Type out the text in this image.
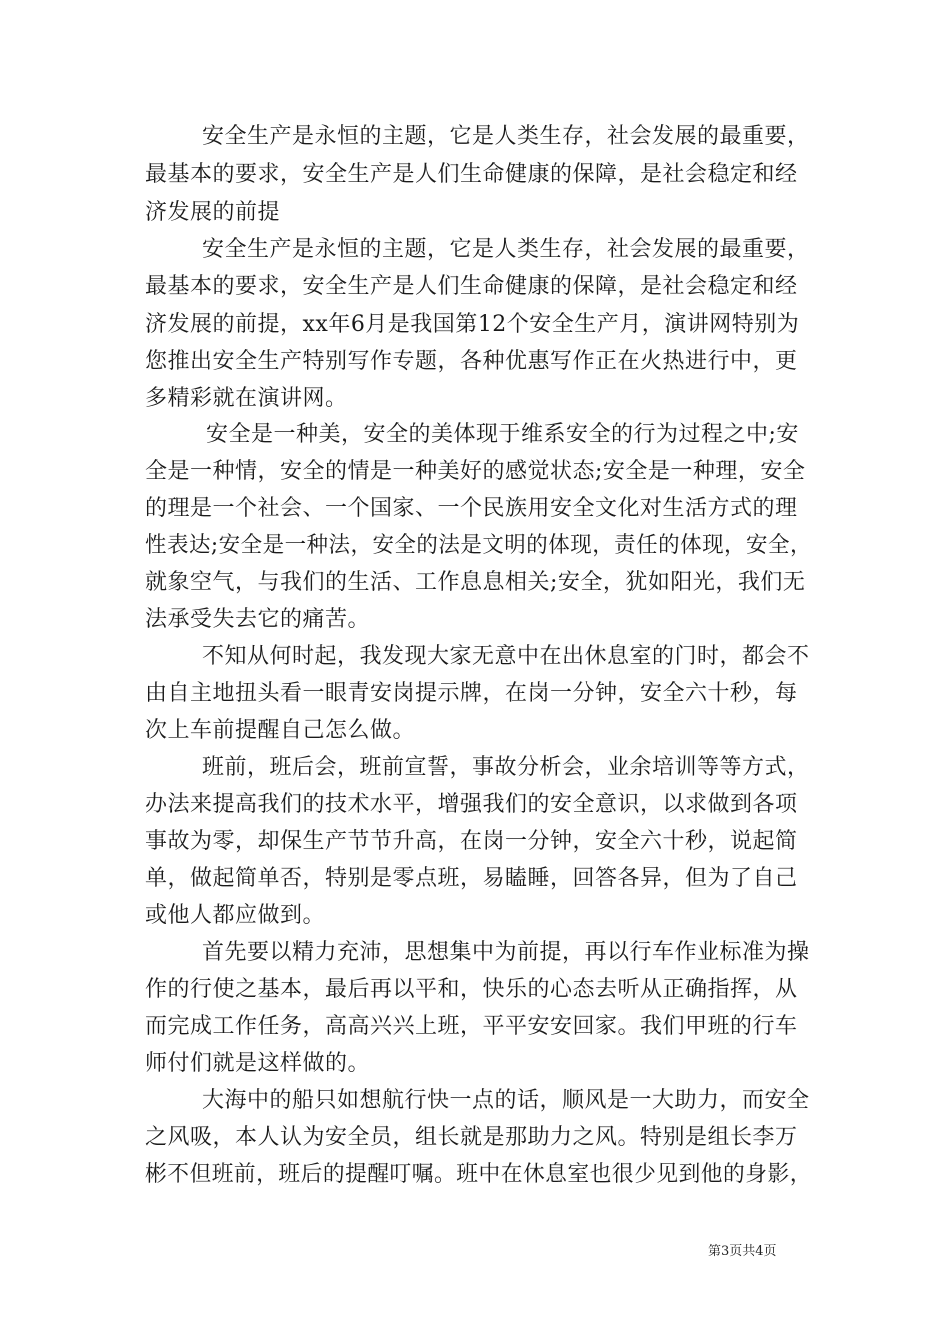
安全生产是永恒的主题，它是人类生存，社会发展的最重要，
最基本的要求，安全生产是人们生命健康的保障，是社会稳定和经
济发展的前提
安全生产是永恒的主题，它是人类生存，社会发展的最重要，
最基本的要求，安全生产是人们生命健康的保障，是社会稳定和经
济发展的前提，xx年6月是我国第12个安全生产月，演讲网特别为
您推出安全生产特别写作专题，各种优惠写作正在火热进行中，更
多精彩就在演讲网。
安全是一种美，安全的美体现于维系安全的行为过程之中;安
全是一种情，安全的情是一种美好的感觉状态;安全是一种理，安全
的理是一个社会、一个国家、一个民族用安全文化对生活方式的理
性表达;安全是一种法，安全的法是文明的体现，责任的体现，安全，
就象空气，与我们的生活、工作息息相关;安全，犹如阳光，我们无
法承受失去它的痛苦。
不知从何时起，我发现大家无意中在出休息室的门时，都会不
由自主地扭头看一眼青安岗提示牌，在岗一分钟，安全六十秒，每
次上车前提醒自己怎么做。
班前，班后会，班前宣誓，事故分析会，业余培训等等方式，
办法来提高我们的技术水平，增强我们的安全意识，以求做到各项
事故为零，却保生产节节升高，在岗一分钟，安全六十秒，说起简
单，做起简单否，特别是零点班，易瞌睡，回答各异，但为了自己
或他人都应做到。
首先要以精力充沛，思想集中为前提，再以行车作业标准为操
作的行使之基本，最后再以平和，快乐的心态去听从正确指挥，从
而完成工作任务，高高兴兴上班，平平安安回家。我们甲班的行车
师付们就是这样做的。
大海中的船只如想航行快一点的话，顺风是一大助力，而安全
之风吸，本人认为安全员，组长就是那助力之风。特别是组长李万
彬不但班前，班后的提醒叮嘱。班中在休息室也很少见到他的身影，
第3页共4页
